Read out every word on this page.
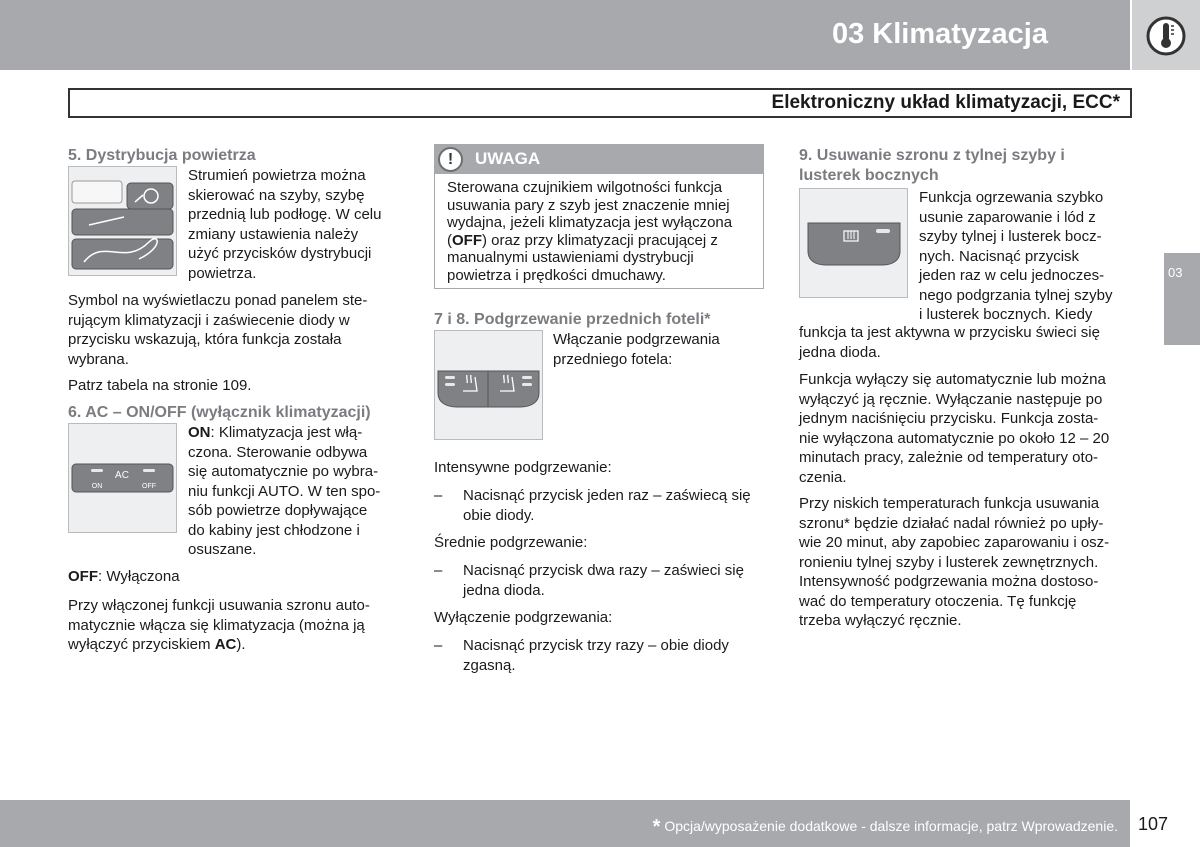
03 Klimatyzacja
Elektroniczny układ klimatyzacji, ECC*
5. Dystrybucja powietrza
Strumień powietrza można
skierować na szyby, szybę
przednią lub podłogę. W celu
zmiany ustawienia należy
użyć przycisków dystrybucji
powietrza.
Symbol na wyświetlaczu ponad panelem ste-
rującym klimatyzacji i zaświecenie diody w
przycisku wskazują, która funkcja została
wybrana.
Patrz tabela na stronie 109.
6. AC – ON/OFF (wyłącznik klimatyzacji)
AC
ON	OFF
ON: Klimatyzacja jest włą-
czona. Sterowanie odbywa
się automatycznie po wybra-
niu funkcji AUTO. W ten spo-
sób powietrze dopływające
do kabiny jest chłodzone i
osuszane.
OFF: Wyłączona
Przy włączonej funkcji usuwania szronu auto-
matycznie włącza się klimatyzacja (można ją
wyłączyć przyciskiem AC).
!	UWAGA
Sterowana czujnikiem wilgotności funkcja
usuwania pary z szyb jest znaczenie mniej
wydajna, jeżeli klimatyzacja jest wyłączona
(OFF) oraz przy klimatyzacji pracującej z
manualnymi ustawieniami dystrybucji
powietrza i prędkości dmuchawy.
7 i 8. Podgrzewanie przednich foteli*
Włączanie podgrzewania
przedniego fotela:
Intensywne podgrzewanie:
– Nacisnąć przycisk jeden raz – zaświecą się
obie diody.
Średnie podgrzewanie:
– Nacisnąć przycisk dwa razy – zaświeci się
jedna dioda.
Wyłączenie podgrzewania:
– Nacisnąć przycisk trzy razy – obie diody
zgasną.
9. Usuwanie szronu z tylnej szyby i
lusterek bocznych
Funkcja ogrzewania szybko
usunie zaparowanie i lód z
szyby tylnej i lusterek bocz-
nych. Nacisnąć przycisk
jeden raz w celu jednoczes-
nego podgrzania tylnej szyby
i lusterek bocznych. Kiedy
funkcja ta jest aktywna w przycisku świeci się
jedna dioda.
Funkcja wyłączy się automatycznie lub można
wyłączyć ją ręcznie. Wyłączanie następuje po
jednym naciśnięciu przycisku. Funkcja zosta-
nie wyłączona automatycznie po około 12 – 20
minutach pracy, zależnie od temperatury oto-
czenia.
Przy niskich temperaturach funkcja usuwania
szronu* będzie działać nadal również po upły-
wie 20 minut, aby zapobiec zaparowaniu i osz-
ronieniu tylnej szyby i lusterek zewnętrznych.
Intensywność podgrzewania można dostoso-
wać do temperatury otoczenia. Tę funkcję
trzeba wyłączyć ręcznie.
03
* Opcja/wyposażenie dodatkowe - dalsze informacje, patrz Wprowadzenie. 107
